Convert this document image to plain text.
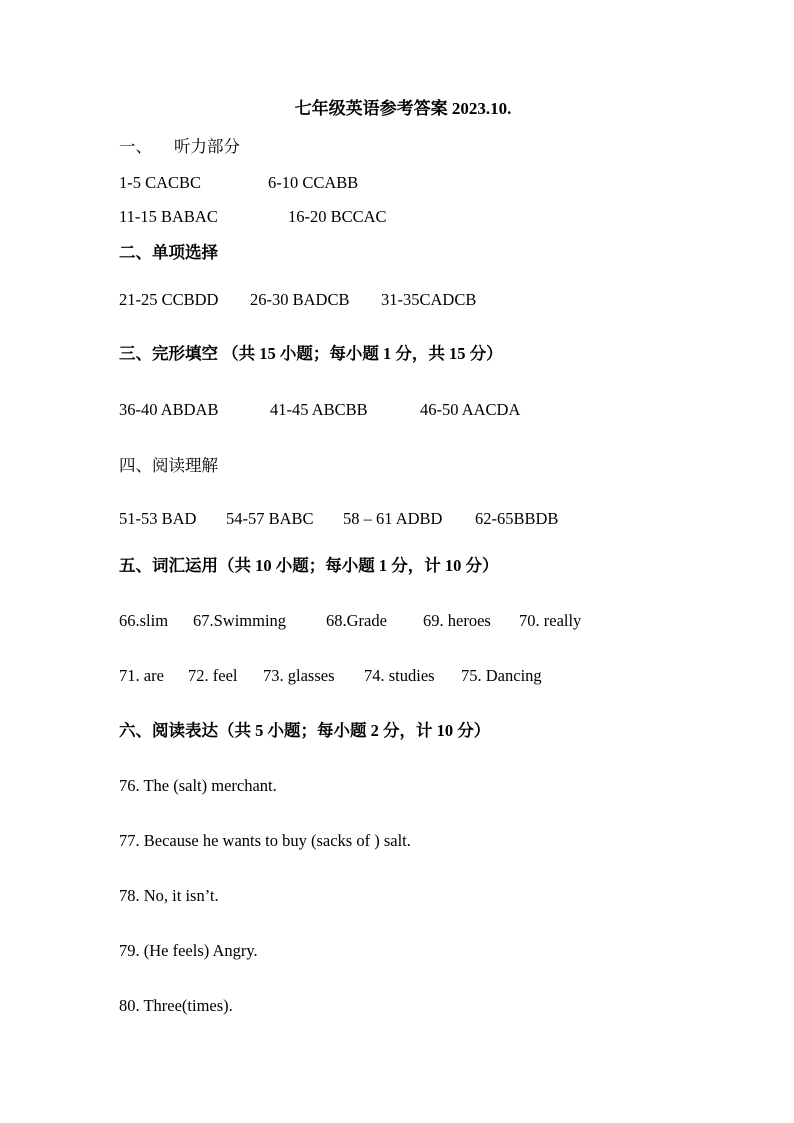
七年级英语参考答案 2023.10.
一、 听力部分
1-5 CACBC	6-10 CCABB
11-15 BABAC	16-20 BCCAC
二、单项选择
21-25 CCBDD 26-30 BADCB 31-35CADCB
三、完形填空 （共 15 小题；每小题 1 分，共 15 分）
36-40 ABDAB	41-45 ABCBB	46-50 AACDA
四、阅读理解
51-53 BAD 54-57 BABC 58 – 61 ADBD 62-65BBDB
五、词汇运用（共 10 小题；每小题 1 分，计 10 分）
66.slim 67.Swimming 68.Grade 69. heroes 70. really
71. are 72. feel 73. glasses 74. studies 75. Dancing
六、阅读表达（共 5 小题；每小题 2 分，计 10 分）
76. The (salt) merchant.
77. Because he wants to buy (sacks of ) salt.
78. No, it isn’t.
79. (He feels) Angry.
80. Three(times).
